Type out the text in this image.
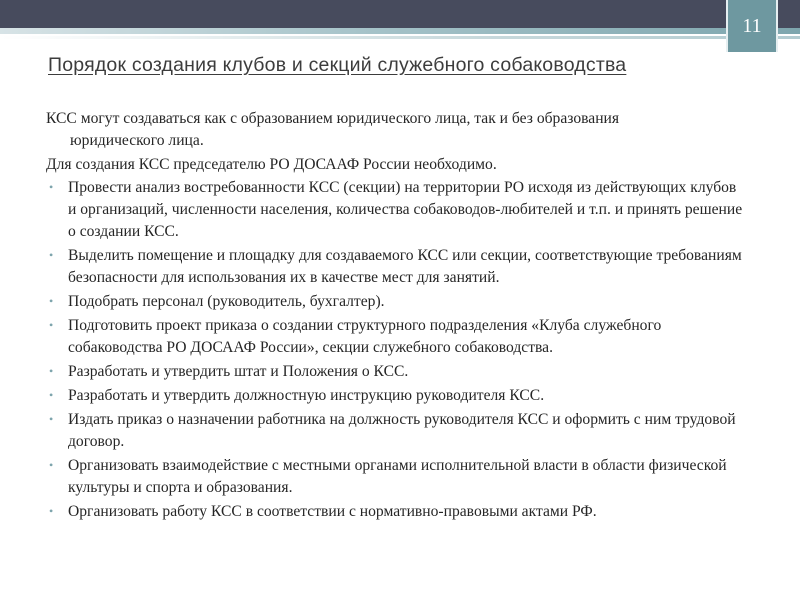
11
Порядок создания клубов и секций служебного собаководства
КСС могут создаваться как с образованием юридического лица, так и без образования
юридического лица.
Для создания КСС председателю РО ДОСААФ России необходимо.
• Провести анализ востребованности КСС (секции) на территории РО исходя из действующих клубов и организаций, численности населения, количества собаководов-любителей и т.п. и принять решение о создании КСС.
• Выделить помещение и площадку для создаваемого КСС или секции, соответствующие требованиям безопасности для использования их в качестве мест для занятий.
• Подобрать персонал (руководитель, бухгалтер).
• Подготовить проект приказа о создании структурного подразделения «Клуба служебного собаководства РО ДОСААФ России», секции служебного собаководства.
• Разработать и утвердить штат и Положения о КСС.
• Разработать и утвердить должностную инструкцию руководителя КСС.
• Издать приказ о назначении работника на должность руководителя КСС и оформить с ним трудовой договор.
• Организовать взаимодействие с местными органами исполнительной власти в области физической культуры и спорта и образования.
• Организовать работу КСС в соответствии с нормативно-правовыми актами РФ.
